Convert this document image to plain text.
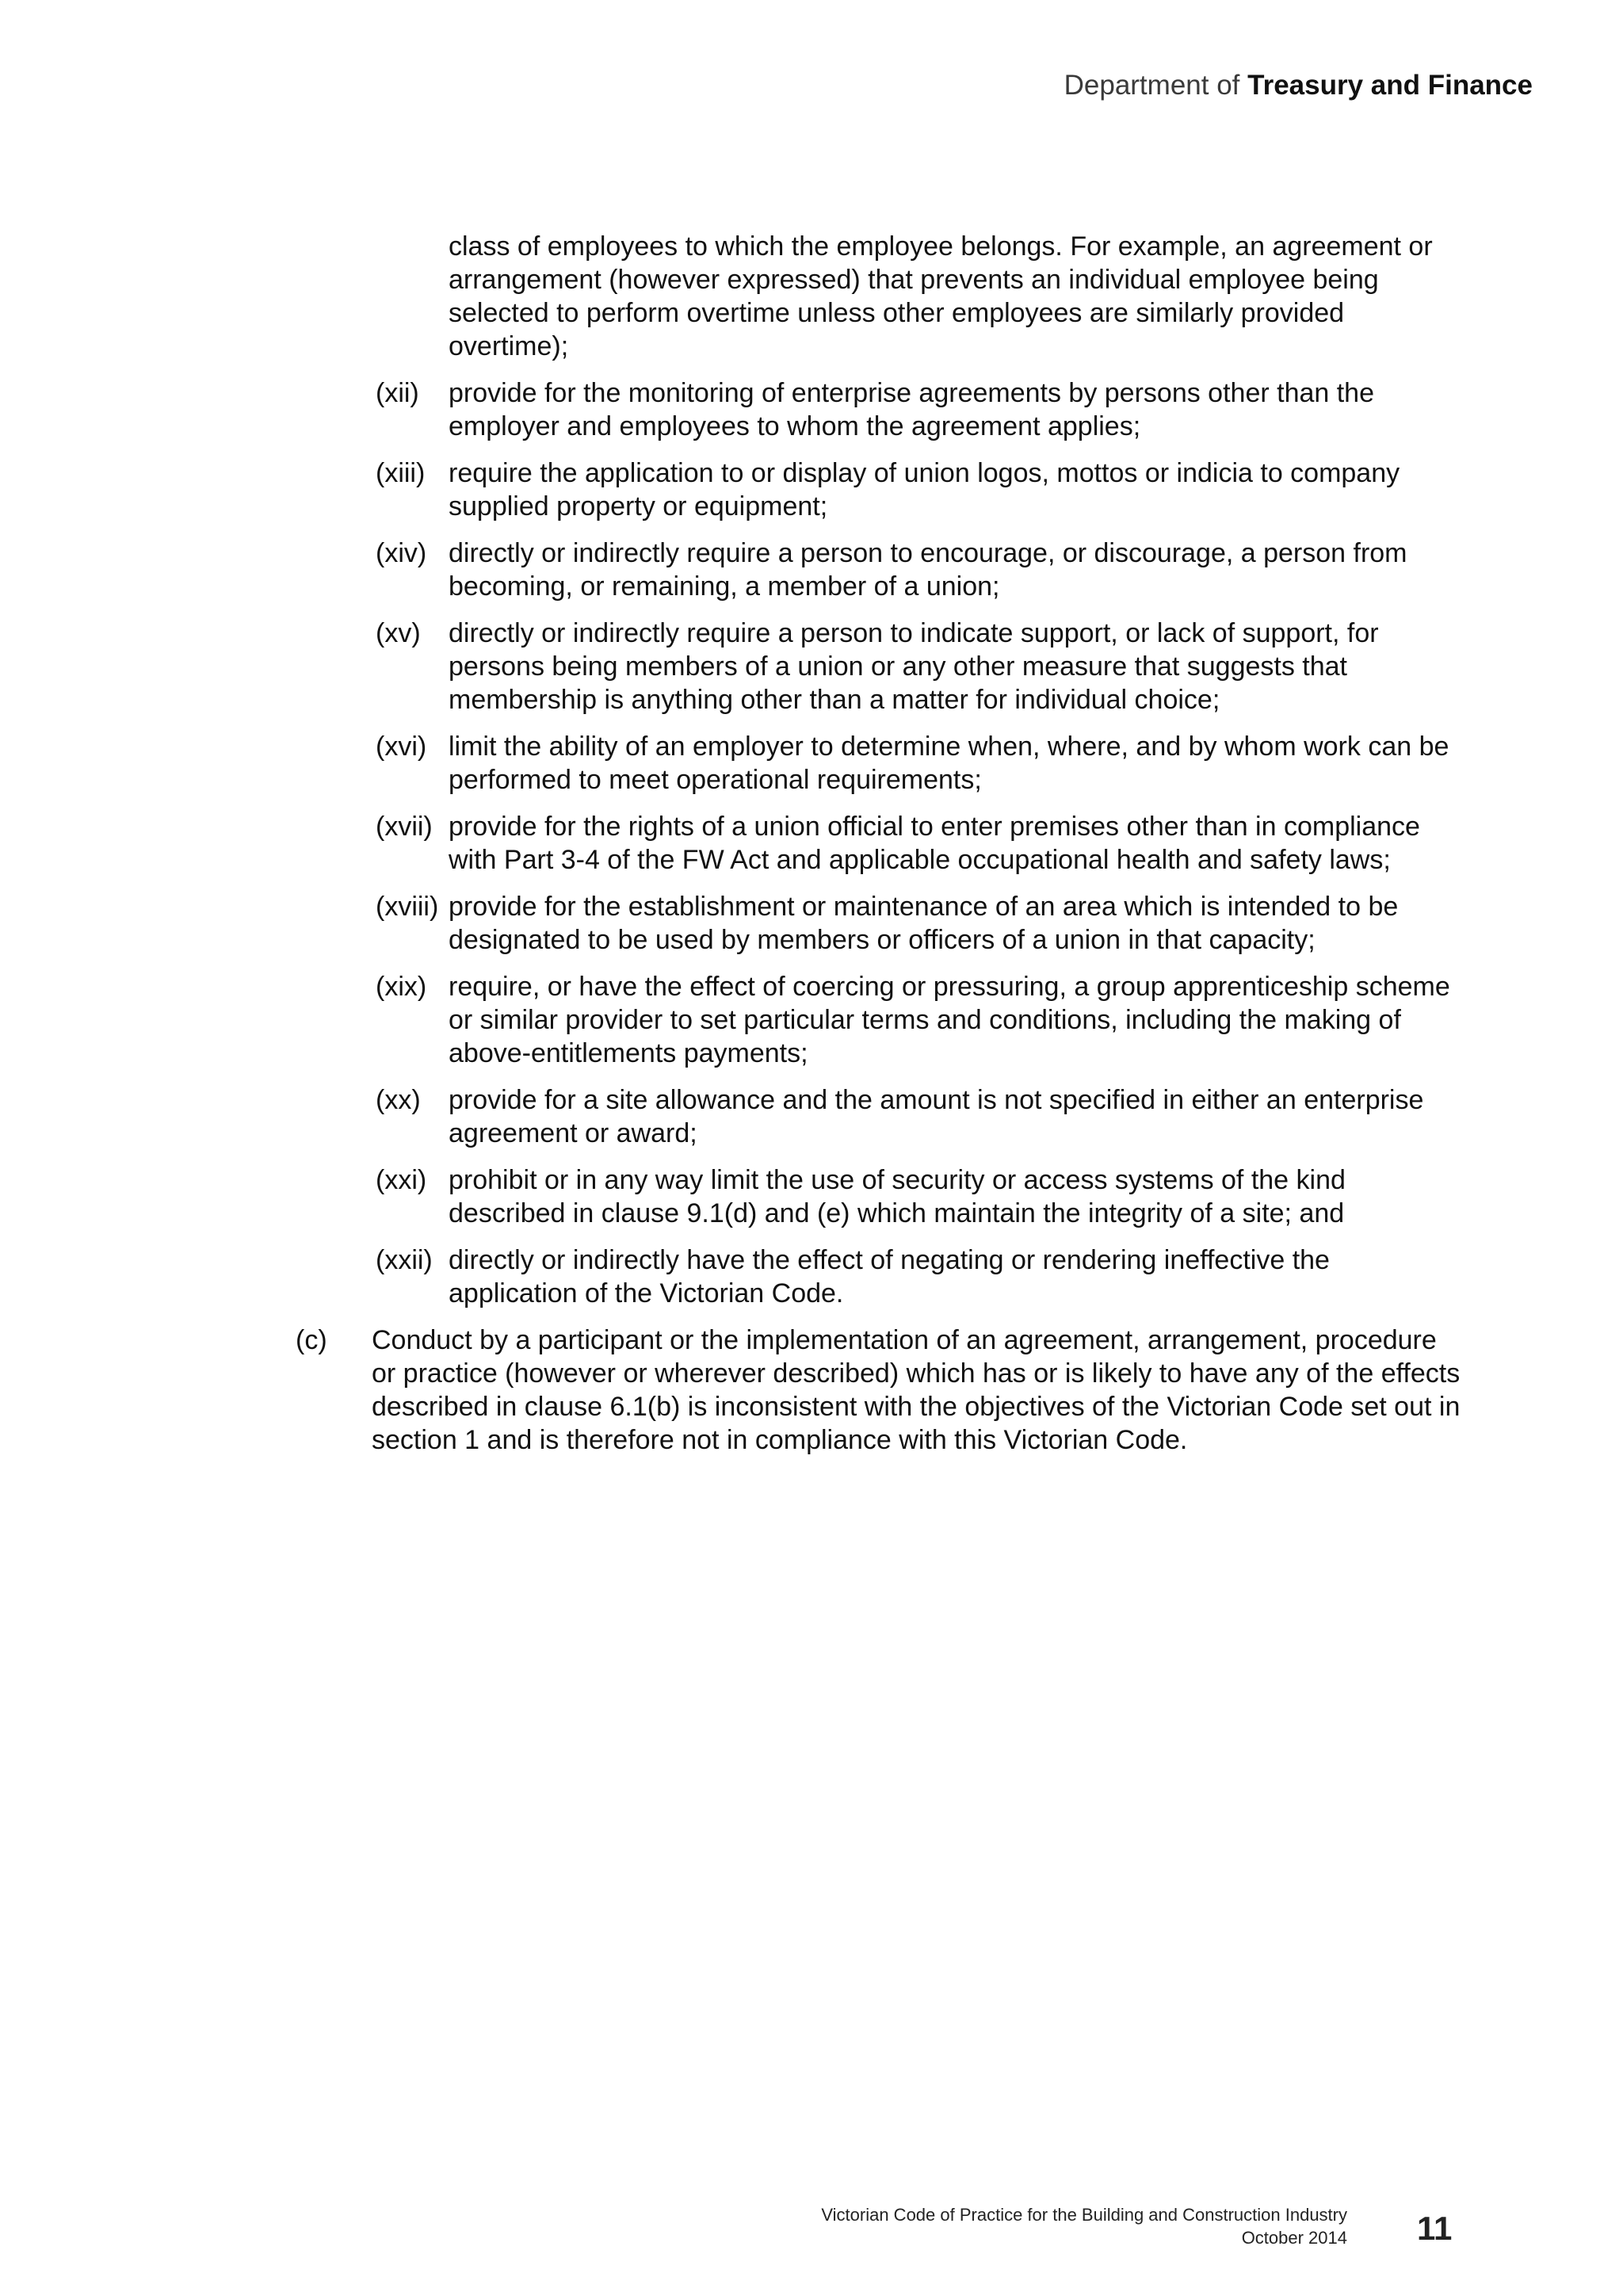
Department of Treasury and Finance
class of employees to which the employee belongs. For example, an agreement or arrangement (however expressed) that prevents an individual employee being selected to perform overtime unless other employees are similarly provided overtime);
(xii) provide for the monitoring of enterprise agreements by persons other than the employer and employees to whom the agreement applies;
(xiii) require the application to or display of union logos, mottos or indicia to company supplied property or equipment;
(xiv) directly or indirectly require a person to encourage, or discourage, a person from becoming, or remaining, a member of a union;
(xv) directly or indirectly require a person to indicate support, or lack of support, for persons being members of a union or any other measure that suggests that membership is anything other than a matter for individual choice;
(xvi) limit the ability of an employer to determine when, where, and by whom work can be performed to meet operational requirements;
(xvii) provide for the rights of a union official to enter premises other than in compliance with Part 3-4 of the FW Act and applicable occupational health and safety laws;
(xviii) provide for the establishment or maintenance of an area which is intended to be designated to be used by members or officers of a union in that capacity;
(xix) require, or have the effect of coercing or pressuring, a group apprenticeship scheme or similar provider to set particular terms and conditions, including the making of above-entitlements payments;
(xx) provide for a site allowance and the amount is not specified in either an enterprise agreement or award;
(xxi) prohibit or in any way limit the use of security or access systems of the kind described in clause 9.1(d) and (e) which maintain the integrity of a site; and
(xxii) directly or indirectly have the effect of negating or rendering ineffective the application of the Victorian Code.
(c) Conduct by a participant or the implementation of an agreement, arrangement, procedure or practice (however or wherever described) which has or is likely to have any of the effects described in clause 6.1(b) is inconsistent with the objectives of the Victorian Code set out in section 1 and is therefore not in compliance with this Victorian Code.
Victorian Code of Practice for the Building and Construction Industry
October 2014 11
